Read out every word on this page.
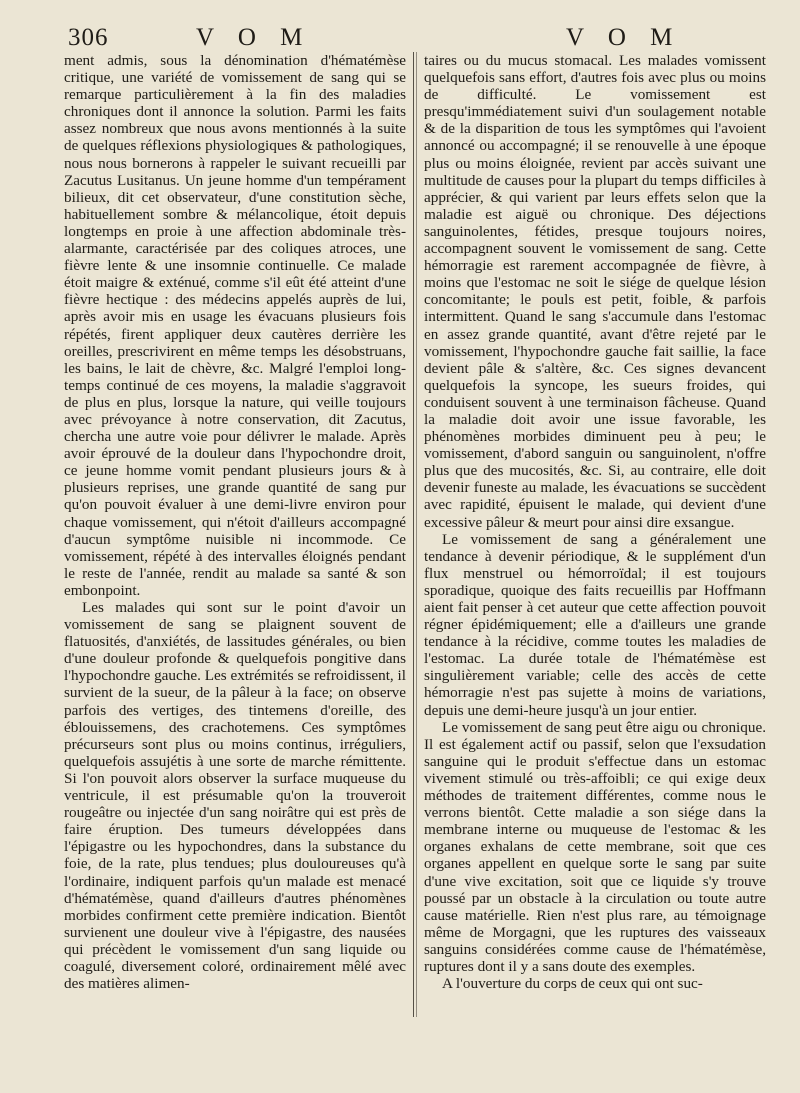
306	V O M	V O M

ment admis, sous la dénomination d'hématémèse critique, une variété de vomissement de sang qui se remarque particulièrement à la fin des maladies chroniques dont il annonce la solution. Parmi les faits assez nombreux que nous avons mentionnés à la suite de quelques réflexions physiologiques & pathologiques, nous nous bornerons à rappeler le suivant recueilli par Zacutus Lusitanus. Un jeune homme d'un tempérament bilieux, dit cet observateur, d'une constitution sèche, habituellement sombre & mélancolique, étoit depuis longtemps en proie à une affection abdominale très-alarmante, caractérisée par des coliques atroces, une fièvre lente & une insomnie continuelle. Ce malade étoit maigre & exténué, comme s'il eût été atteint d'une fièvre hectique : des médecins appelés auprès de lui, après avoir mis en usage les évacuans plusieurs fois répétés, firent appliquer deux cautères derrière les oreilles, prescrivirent en même temps les désobstruans, les bains, le lait de chèvre, &c. Malgré l'emploi long-temps continué de ces moyens, la maladie s'aggravoit de plus en plus, lorsque la nature, qui veille toujours avec prévoyance à notre conservation, dit Zacutus, chercha une autre voie pour délivrer le malade. Après avoir éprouvé de la douleur dans l'hypochondre droit, ce jeune homme vomit pendant plusieurs jours & à plusieurs reprises, une grande quantité de sang pur qu'on pouvoit évaluer à une demi-livre environ pour chaque vomissement, qui n'étoit d'ailleurs accompagné d'aucun symptôme nuisible ni incommode. Ce vomissement, répété à des intervalles éloignés pendant le reste de l'année, rendit au malade sa santé & son embonpoint.

Les malades qui sont sur le point d'avoir un vomissement de sang se plaignent souvent de flatuosités, d'anxiétés, de lassitudes générales, ou bien d'une douleur profonde & quelquefois pongitive dans l'hypochondre gauche. Les extrémités se refroidissent, il survient de la sueur, de la pâleur à la face; on observe parfois des vertiges, des tintemens d'oreille, des éblouissemens, des crachotemens. Ces symptômes précurseurs sont plus ou moins continus, irréguliers, quelquefois assujétis à une sorte de marche rémittente. Si l'on pouvoit alors observer la surface muqueuse du ventricule, il est présumable qu'on la trouveroit rougeâtre ou injectée d'un sang noirâtre qui est près de faire éruption. Des tumeurs développées dans l'épigastre ou les hypochondres, dans la substance du foie, de la rate, plus tendues; plus douloureuses qu'à l'ordinaire, indiquent parfois qu'un malade est menacé d'hématémèse, quand d'ailleurs d'autres phénomènes morbides confirment cette première indication. Bientôt survienent une douleur vive à l'épigastre, des nausées qui précèdent le vomissement d'un sang liquide ou coagulé, diversement coloré, ordinairement mêlé avec des matières alimen-

taires ou du mucus stomacal. Les malades vomissent quelquefois sans effort, d'autres fois avec plus ou moins de difficulté. Le vomissement est presqu'immédiatement suivi d'un soulagement notable & de la disparition de tous les symptômes qui l'avoient annoncé ou accompagné; il se renouvelle à une époque plus ou moins éloignée, revient par accès suivant une multitude de causes pour la plupart du temps difficiles à apprécier, & qui varient par leurs effets selon que la maladie est aiguë ou chronique. Des déjections sanguinolentes, fétides, presque toujours noires, accompagnent souvent le vomissement de sang. Cette hémorragie est rarement accompagnée de fièvre, à moins que l'estomac ne soit le siége de quelque lésion concomitante; le pouls est petit, foible, & parfois intermittent. Quand le sang s'accumule dans l'estomac en assez grande quantité, avant d'être rejeté par le vomissement, l'hypochondre gauche fait saillie, la face devient pâle & s'altère, &c. Ces signes devancent quelquefois la syncope, les sueurs froides, qui conduisent souvent à une terminaison fâcheuse. Quand la maladie doit avoir une issue favorable, les phénomènes morbides diminuent peu à peu; le vomissement, d'abord sanguin ou sanguinolent, n'offre plus que des mucosités, &c. Si, au contraire, elle doit devenir funeste au malade, les évacuations se succèdent avec rapidité, épuisent le malade, qui devient d'une excessive pâleur & meurt pour ainsi dire exsangue.

Le vomissement de sang a généralement une tendance à devenir périodique, & le supplément d'un flux menstruel ou hémorroïdal; il est toujours sporadique, quoique des faits recueillis par Hoffmann aient fait penser à cet auteur que cette affection pouvoit régner épidémiquement; elle a d'ailleurs une grande tendance à la récidive, comme toutes les maladies de l'estomac. La durée totale de l'hématémèse est singulièrement variable; celle des accès de cette hémorragie n'est pas sujette à moins de variations, depuis une demi-heure jusqu'à un jour entier.

Le vomissement de sang peut être aigu ou chronique. Il est également actif ou passif, selon que l'exsudation sanguine qui le produit s'effectue dans un estomac vivement stimulé ou très-affoibli; ce qui exige deux méthodes de traitement différentes, comme nous le verrons bientôt. Cette maladie a son siége dans la membrane interne ou muqueuse de l'estomac & les organes exhalans de cette membrane, soit que ces organes appellent en quelque sorte le sang par suite d'une vive excitation, soit que ce liquide s'y trouve poussé par un obstacle à la circulation ou toute autre cause matérielle. Rien n'est plus rare, au témoignage même de Morgagni, que les ruptures des vaisseaux sanguins considérées comme cause de l'hématémèse, ruptures dont il y a sans doute des exemples.

A l'ouverture du corps de ceux qui ont suc-
